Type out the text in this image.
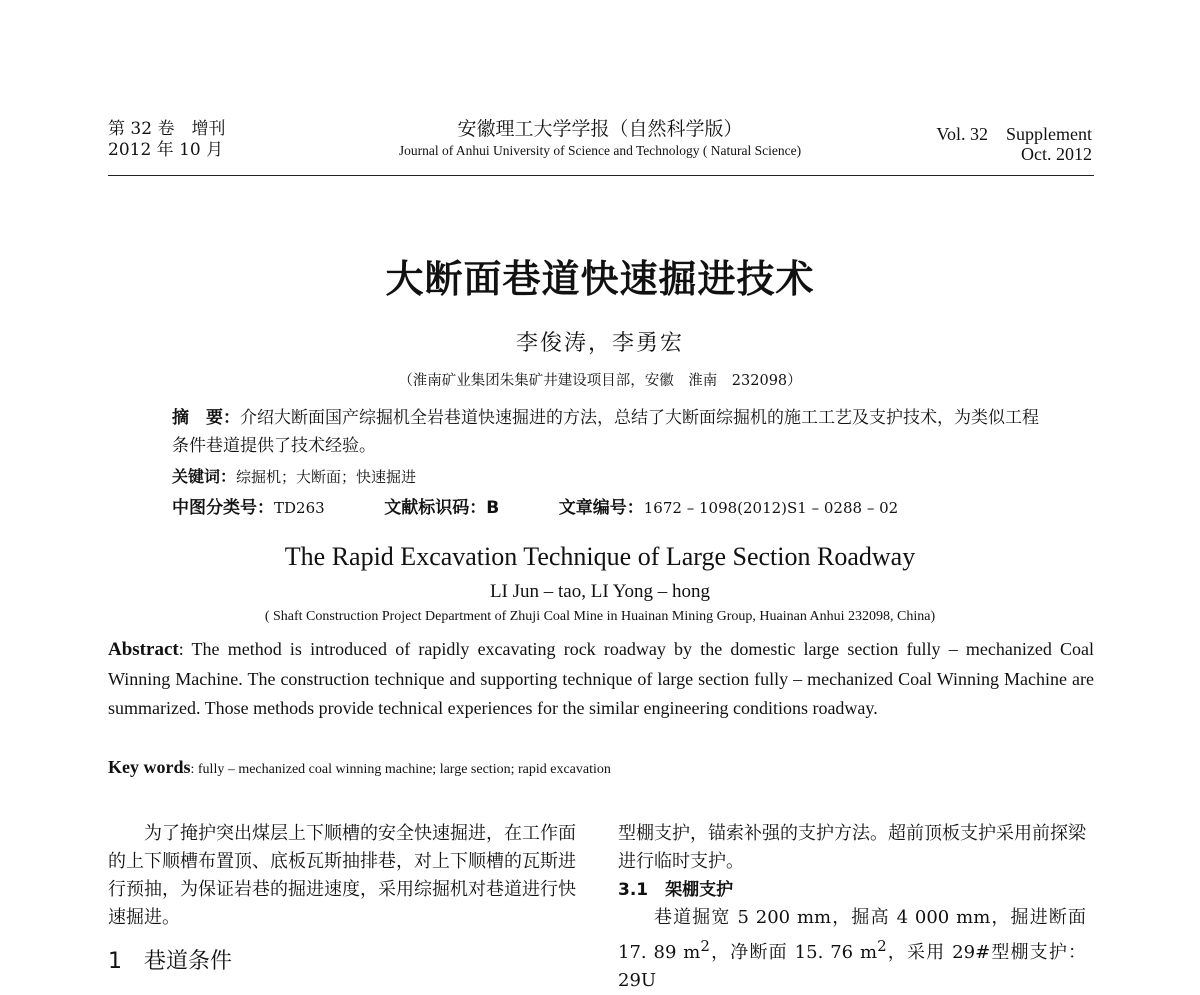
第 32 卷　增刊
2012 年 10 月
安徽理工大学学报（自然科学版）
Journal of Anhui University of Science and Technology ( Natural Science)
Vol. 32　Supplement
Oct. 2012
大断面巷道快速掘进技术
李俊涛，李勇宏
（淮南矿业集团朱集矿井建设项目部，安徽　淮南　232098）
摘　要：介绍大断面国产综掘机全岩巷道快速掘进的方法，总结了大断面综掘机的施工工艺及支护技术，为类似工程条件巷道提供了技术经验。
关键词：综掘机；大断面；快速掘进
中图分类号：TD263	文献标识码：B	文章编号：1672 – 1098(2012)S1 – 0288 – 02
The Rapid Excavation Technique of Large Section Roadway
LI Jun – tao, LI Yong – hong
( Shaft Construction Project Department of Zhuji Coal Mine in Huainan Mining Group, Huainan Anhui 232098, China)
Abstract: The method is introduced of rapidly excavating rock roadway by the domestic large section fully – mechanized Coal Winning Machine. The construction technique and supporting technique of large section fully – mechanized Coal Winning Machine are summarized. Those methods provide technical experiences for the similar engineering conditions roadway.
Key words: fully – mechanized coal winning machine; large section; rapid excavation

为了掩护突出煤层上下顺槽的安全快速掘进，在工作面的上下顺槽布置顶、底板瓦斯抽排巷，对上下顺槽的瓦斯进行预抽，为保证岩巷的掘进速度，采用综掘机对巷道进行快速掘进。

1　巷道条件

型棚支护，锚索补强的支护方法。超前顶板支护采用前探梁进行临时支护。

3.1　架棚支护

巷道掘宽 5 200 mm，掘高 4 000 mm，掘进断面 17. 89 $m^2$，净断面 15. 76 $m^2$，采用 29#型棚支护：29U
